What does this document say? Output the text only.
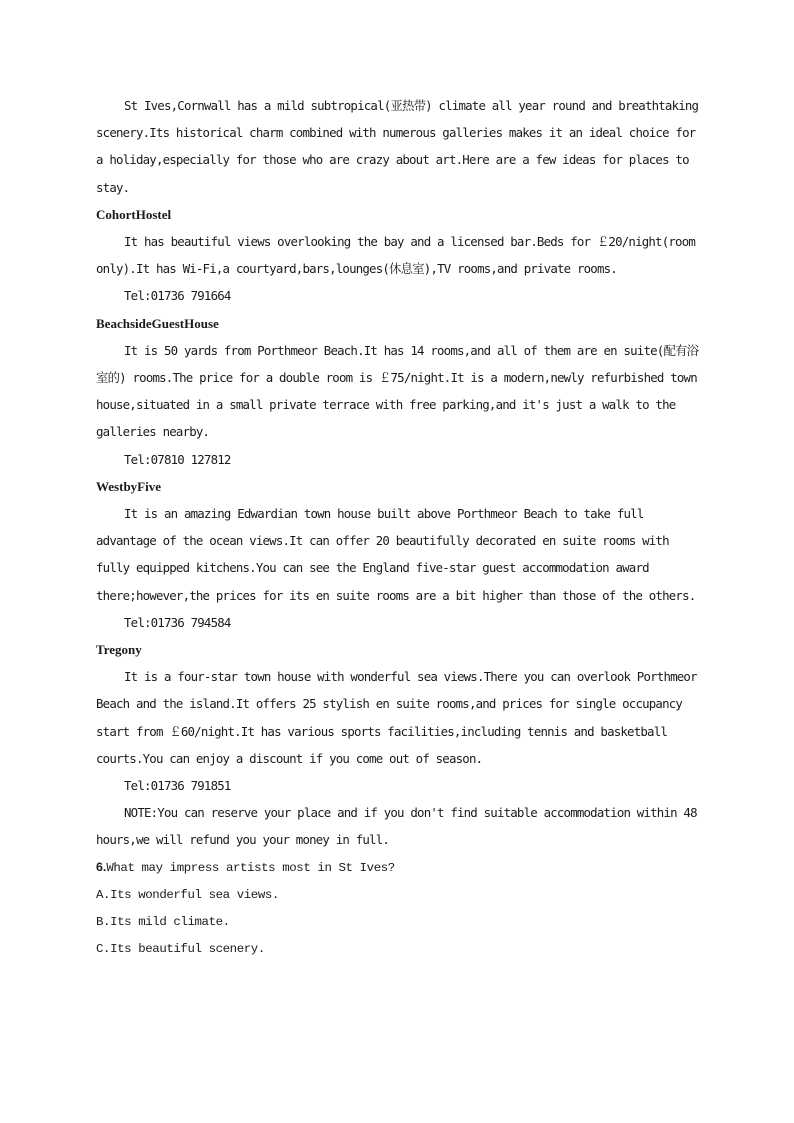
St Ives,Cornwall has a mild subtropical(亚热带) climate all year round and breathtaking scenery.Its historical charm combined with numerous galleries makes it an ideal choice for a holiday,especially for those who are crazy about art.Here are a few ideas for places to stay.

CohortHostel

It has beautiful views overlooking the bay and a licensed bar.Beds for ￡20/night(room only).It has Wi-Fi,a courtyard,bars,lounges(休息室),TV rooms,and private rooms.

Tel:01736 791664

BeachsideGuestHouse

It is 50 yards from Porthmeor Beach.It has 14 rooms,and all of them are en suite(配有浴室的) rooms.The price for a double room is ￡75/night.It is a modern,newly refurbished town house,situated in a small private terrace with free parking,and it's just a walk to the galleries nearby.

Tel:07810 127812

WestbyFive

It is an amazing Edwardian town house built above Porthmeor Beach to take full advantage of the ocean views.It can offer 20 beautifully decorated en suite rooms with fully equipped kitchens.You can see the England five-star guest accommodation award there;however,the prices for its en suite rooms are a bit higher than those of the others.

Tel:01736 794584

Tregony

It is a four-star town house with wonderful sea views.There you can overlook Porthmeor Beach and the island.It offers 25 stylish en suite rooms,and prices for single occupancy start from ￡60/night.It has various sports facilities,including tennis and basketball courts.You can enjoy a discount if you come out of season.

Tel:01736 791851

NOTE:You can reserve your place and if you don't find suitable accommodation within 48 hours,we will refund you your money in full.

6.What may impress artists most in St Ives?

A.Its wonderful sea views.

B.Its mild climate.

C.Its beautiful scenery.
